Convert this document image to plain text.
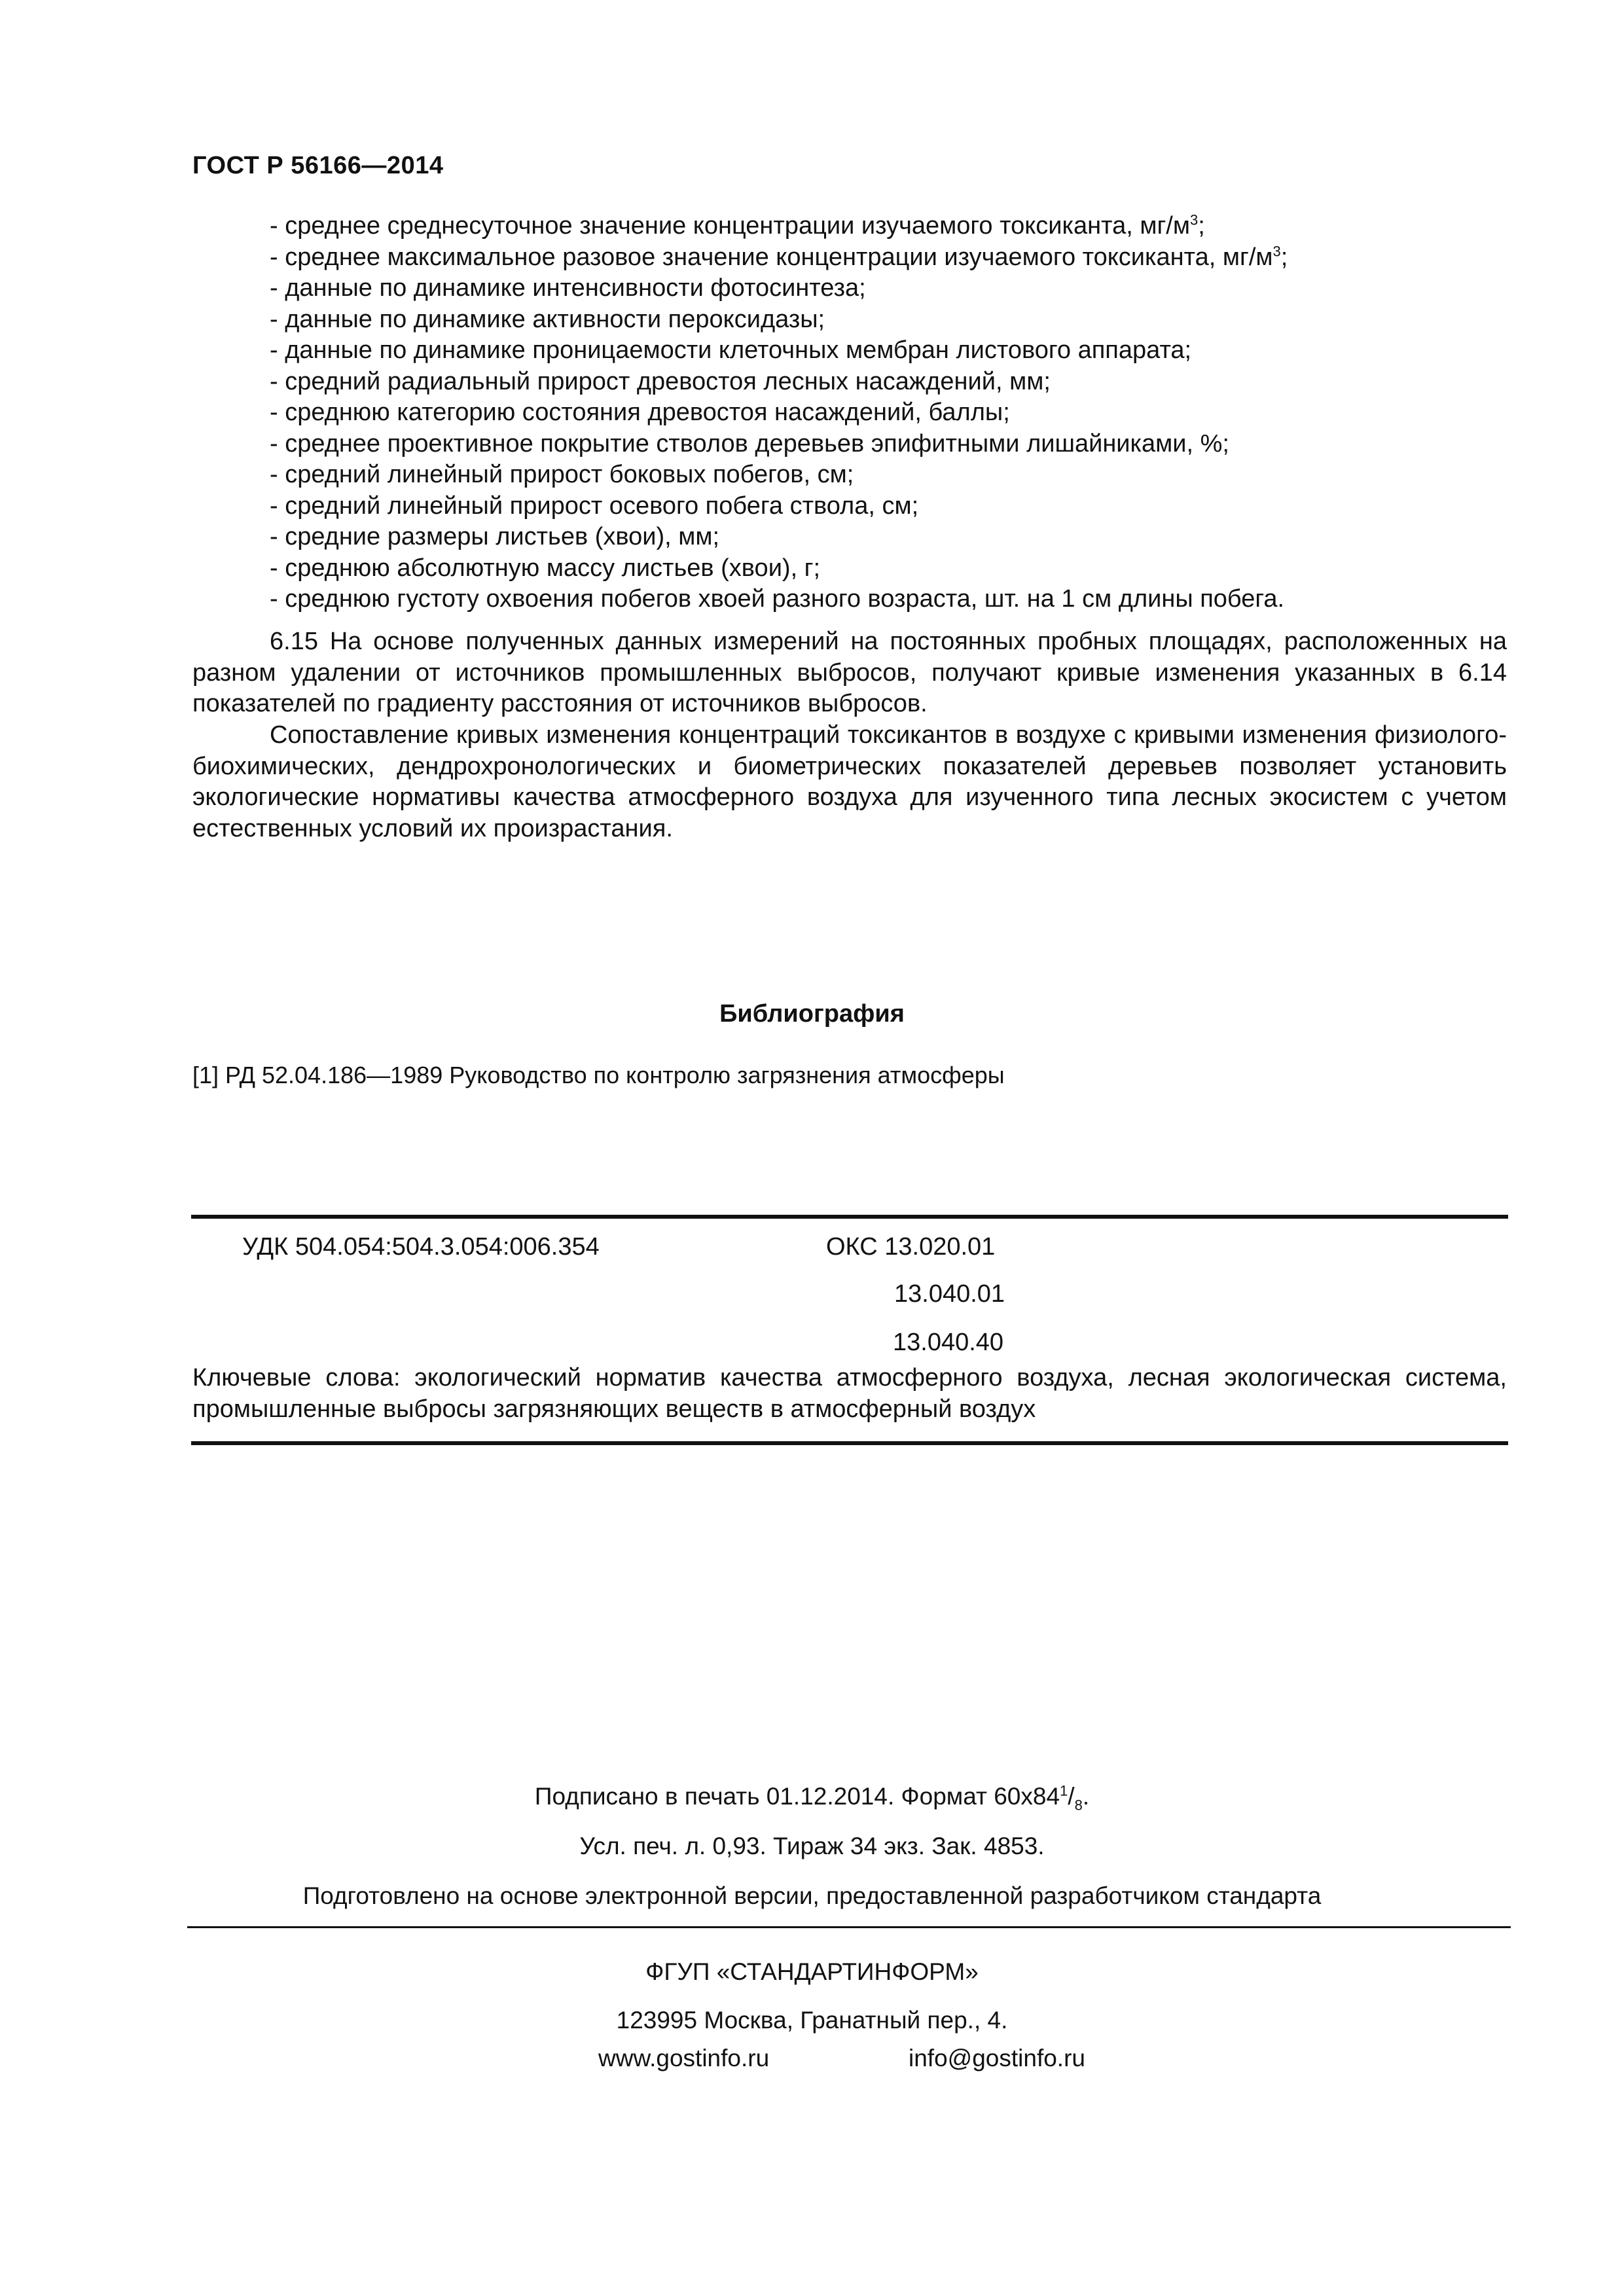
ГОСТ Р 56166—2014
- среднее среднесуточное значение концентрации изучаемого токсиканта, $мг/м^3$;
- среднее максимальное разовое значение концентрации изучаемого токсиканта, $мг/м^3$;
- данные по динамике интенсивности фотосинтеза;
- данные по динамике активности пероксидазы;
- данные по динамике проницаемости клеточных мембран листового аппарата;
- средний радиальный прирост древостоя лесных насаждений, мм;
- среднюю категорию состояния древостоя насаждений, баллы;
- среднее проективное покрытие стволов деревьев эпифитными лишайниками, %;
- средний линейный прирост боковых побегов, см;
- средний линейный прирост осевого побега ствола, см;
- средние размеры листьев (хвои), мм;
- среднюю абсолютную массу листьев (хвои), г;
- среднюю густоту охвоения побегов хвоей разного возраста, шт. на 1 см длины побега.

6.15 На основе полученных данных измерений на постоянных пробных площадях, расположенных на разном удалении от источников промышленных выбросов, получают кривые изменения указанных в 6.14 показателей по градиенту расстояния от источников выбросов.

Сопоставление кривых изменения концентраций токсикантов в воздухе с кривыми изменения физиолого-биохимических, дендрохронологических и биометрических показателей деревьев позволяет установить экологические нормативы качества атмосферного воздуха для изученного типа лесных экосистем с учетом естественных условий их произрастания.

Библиография
[1] РД 52.04.186—1989 Руководство по контролю загрязнения атмосферы
УДК 504.054:504.3.054:006.354	ОКС 13.020.01
13.040.01
13.040.40

Ключевые слова: экологический норматив качества атмосферного воздуха, лесная экологическая система, промышленные выбросы загрязняющих веществ в атмосферный воздух

Подписано в печать 01.12.2014. Формат $60х84^1/_8$.
Усл. печ. л. 0,93. Тираж 34 экз. Зак. 4853.
Подготовлено на основе электронной версии, предоставленной разработчиком стандарта
ФГУП «СТАНДАРТИНФОРМ»
123995 Москва, Гранатный пер., 4.
www.gostinfo.ru	info@gostinfo.ru
